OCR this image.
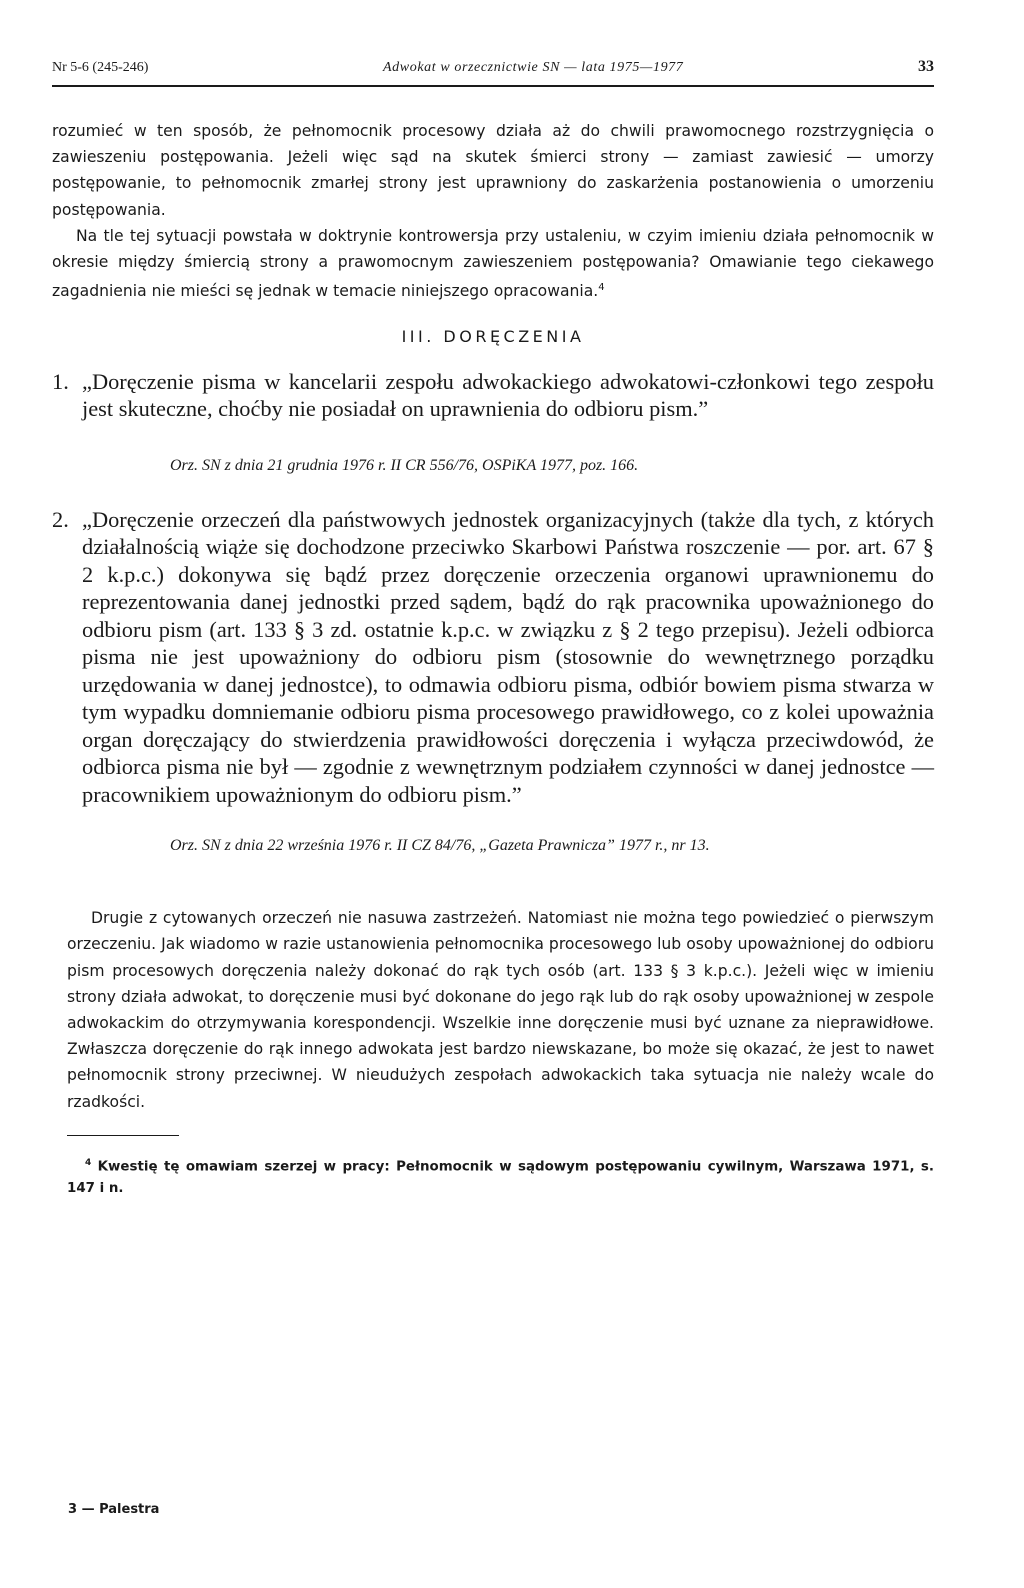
Nr 5-6 (245-246)	Adwokat w orzecznictwie SN — lata 1975—1977	33
rozumieć w ten sposób, że pełnomocnik procesowy działa aż do chwili prawomocnego rozstrzygnięcia o zawieszeniu postępowania. Jeżeli więc sąd na skutek śmierci strony — zamiast zawiesić — umorzy postępowanie, to pełnomocnik zmarłej strony jest uprawniony do zaskarżenia postanowienia o umorzeniu postępowania.
Na tle tej sytuacji powstała w doktrynie kontrowersja przy ustaleniu, w czyim imieniu działa pełnomocnik w okresie między śmiercią strony a prawomocnym zawieszeniem postępowania? Omawianie tego ciekawego zagadnienia nie mieści sę jednak w temacie niniejszego opracowania.$^4$
III. DORĘCZENIA
1. „Doręczenie pisma w kancelarii zespołu adwokackiego adwokatowi-członkowi tego zespołu jest skuteczne, choćby nie posiadał on uprawnienia do odbioru pism.”
Orz. SN z dnia 21 grudnia 1976 r. II CR 556/76, OSPiKA 1977, poz. 166.
2. „Doręczenie orzeczeń dla państwowych jednostek organizacyjnych (także dla tych, z których działalnością wiąże się dochodzone przeciwko Skarbowi Państwa roszczenie — por. art. 67 § 2 k.p.c.) dokonywa się bądź przez doręczenie orzeczenia organowi uprawnionemu do reprezentowania danej jednostki przed sądem, bądź do rąk pracownika upoważnionego do odbioru pism (art. 133 § 3 zd. ostatnie k.p.c. w związku z § 2 tego przepisu). Jeżeli odbiorca pisma nie jest upoważniony do odbioru pism (stosownie do wewnętrznego porządku urzędowania w danej jednostce), to odmawia odbioru pisma, odbiór bowiem pisma stwarza w tym wypadku domniemanie odbioru pisma procesowego prawidłowego, co z kolei upoważnia organ doręczający do stwierdzenia prawidłowości doręczenia i wyłącza przeciwdowód, że odbiorca pisma nie był — zgodnie z wewnętrznym podziałem czynności w danej jednostce — pracownikiem upoważnionym do odbioru pism.”
Orz. SN z dnia 22 września 1976 r. II CZ 84/76, „Gazeta Prawnicza” 1977 r., nr 13.
Drugie z cytowanych orzeczeń nie nasuwa zastrzeżeń. Natomiast nie można tego powiedzieć o pierwszym orzeczeniu. Jak wiadomo w razie ustanowienia pełnomocnika procesowego lub osoby upoważnionej do odbioru pism procesowych doręczenia należy dokonać do rąk tych osób (art. 133 § 3 k.p.c.). Jeżeli więc w imieniu strony działa adwokat, to doręczenie musi być dokonane do jego rąk lub do rąk osoby upoważnionej w zespole adwokackim do otrzymywania korespondencji. Wszelkie inne doręczenie musi być uznane za nieprawidłowe. Zwłaszcza doręczenie do rąk innego adwokata jest bardzo niewskazane, bo może się okazać, że jest to nawet pełnomocnik strony przeciwnej. W nieudużych zespołach adwokackich taka sytuacja nie należy wcale do rzadkości.
$^4$ Kwestię tę omawiam szerzej w pracy: Pełnomocnik w sądowym postępowaniu cywilnym, Warszawa 1971, s. 147 i n.
3 — Palestra
